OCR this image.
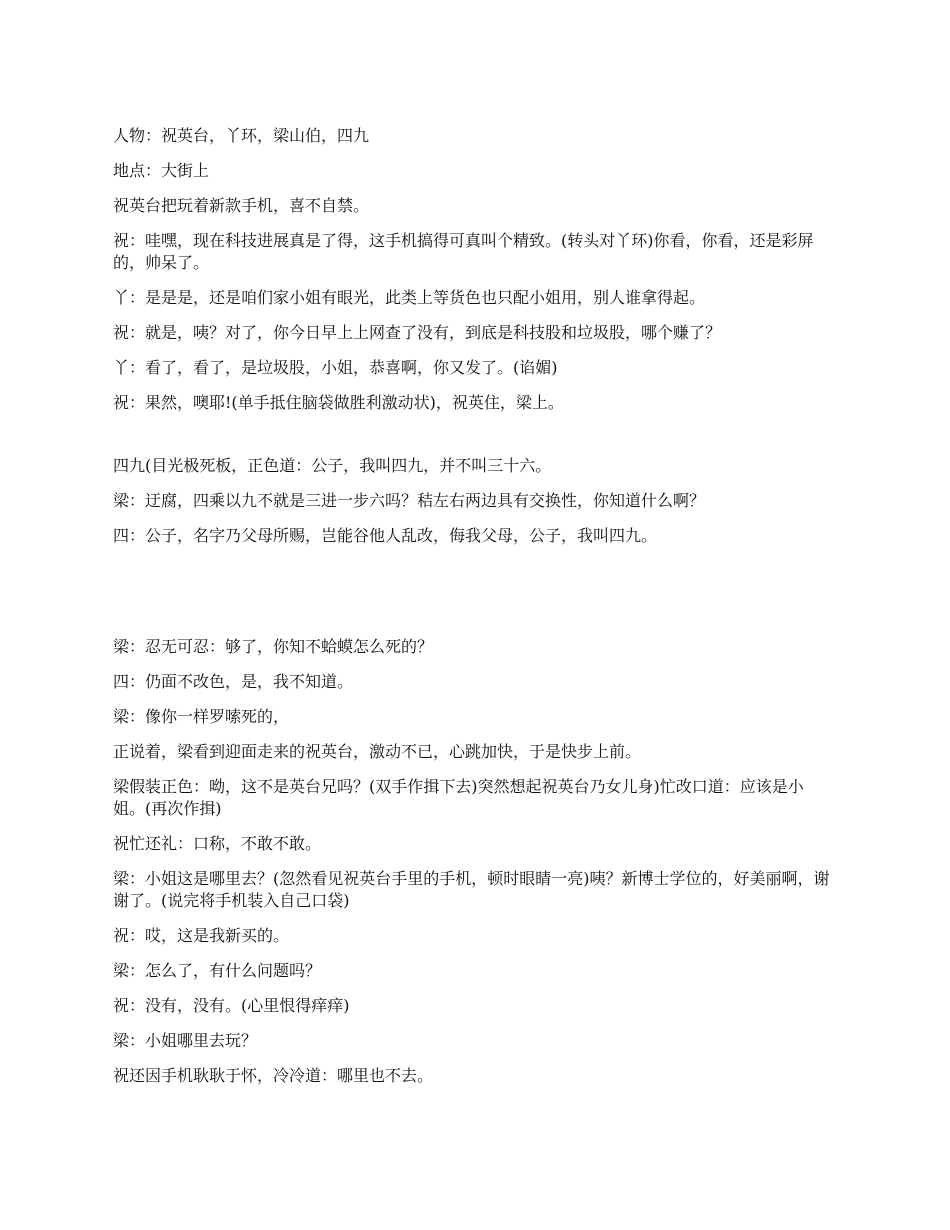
人物：祝英台，丫环，梁山伯，四九

地点：大街上

祝英台把玩着新款手机，喜不自禁。

祝：哇嘿，现在科技进展真是了得，这手机搞得可真叫个精致。(转头对丫环)你看，你看，还是彩屏的，帅呆了。

丫：是是是，还是咱们家小姐有眼光，此类上等货色也只配小姐用，别人谁拿得起。

祝：就是，咦？对了，你今日早上上网查了没有，到底是科技股和垃圾股，哪个赚了？

丫：看了，看了，是垃圾股，小姐，恭喜啊，你又发了。(谄媚)

祝：果然，噢耶!(单手抵住脑袋做胜利激动状)，祝英住，梁上。

四九(目光极死板，正色道：公子，我叫四九，并不叫三十六。

梁：迂腐，四乘以九不就是三进一步六吗？秸左右两边具有交换性，你知道什么啊？

四：公子，名字乃父母所赐，岂能谷他人乱改，侮我父母，公子，我叫四九。

梁：忍无可忍：够了，你知不蛤蟆怎么死的？

四：仍面不改色，是，我不知道。

梁：像你一样罗嗦死的，

正说着，梁看到迎面走来的祝英台，激动不已，心跳加快，于是快步上前。

梁假装正色：呦，这不是英台兄吗？(双手作揖下去)突然想起祝英台乃女儿身)忙改口道：应该是小姐。(再次作揖)

祝忙还礼：口称，不敢不敢。

梁：小姐这是哪里去？(忽然看见祝英台手里的手机，顿时眼睛一亮)咦？新博士学位的，好美丽啊，谢谢了。(说完将手机装入自己口袋)

祝：哎，这是我新买的。

梁：怎么了，有什么问题吗？

祝：没有，没有。(心里恨得痒痒)

梁：小姐哪里去玩？

祝还因手机耿耿于怀，冷冷道：哪里也不去。
